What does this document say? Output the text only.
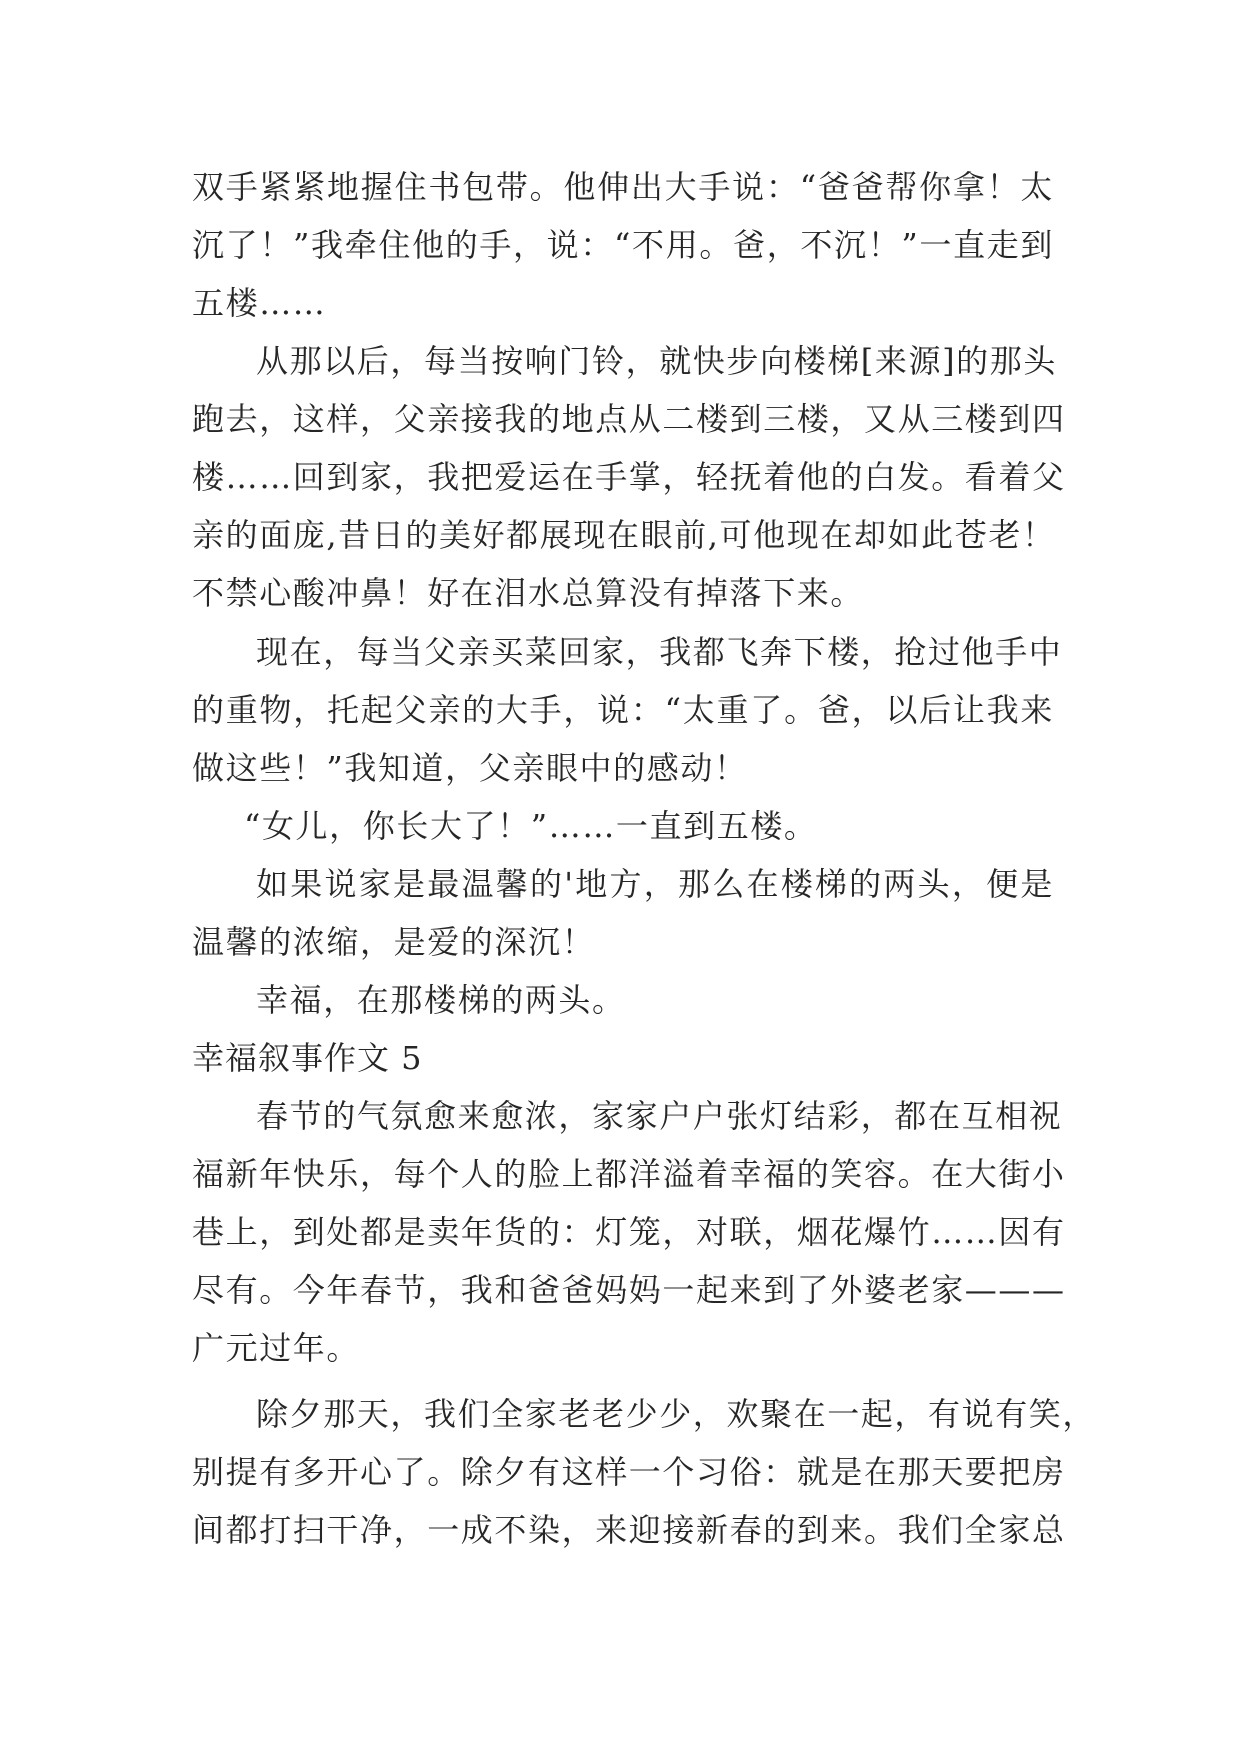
双手紧紧地握住书包带。他伸出大手说：“爸爸帮你拿！太
沉了！”我牵住他的手，说：“不用。爸，不沉！”一直走到
五楼……
从那以后，每当按响门铃，就快步向楼梯[来源]的那头
跑去，这样，父亲接我的地点从二楼到三楼，又从三楼到四
楼……回到家，我把爱运在手掌，轻抚着他的白发。看着父
亲的面庞,昔日的美好都展现在眼前,可他现在却如此苍老！
不禁心酸冲鼻！好在泪水总算没有掉落下来。
现在，每当父亲买菜回家，我都飞奔下楼，抢过他手中
的重物，托起父亲的大手，说：“太重了。爸，以后让我来
做这些！”我知道，父亲眼中的感动！
“女儿，你长大了！”……一直到五楼。
如果说家是最温馨的'地方，那么在楼梯的两头，便是
温馨的浓缩，是爱的深沉！
幸福，在那楼梯的两头。
幸福叙事作文 5
春节的气氛愈来愈浓，家家户户张灯结彩，都在互相祝
福新年快乐，每个人的脸上都洋溢着幸福的笑容。在大街小
巷上，到处都是卖年货的：灯笼，对联，烟花爆竹……因有
尽有。今年春节，我和爸爸妈妈一起来到了外婆老家———
广元过年。
除夕那天，我们全家老老少少，欢聚在一起，有说有笑，
别提有多开心了。除夕有这样一个习俗：就是在那天要把房
间都打扫干净，一成不染，来迎接新春的到来。我们全家总
